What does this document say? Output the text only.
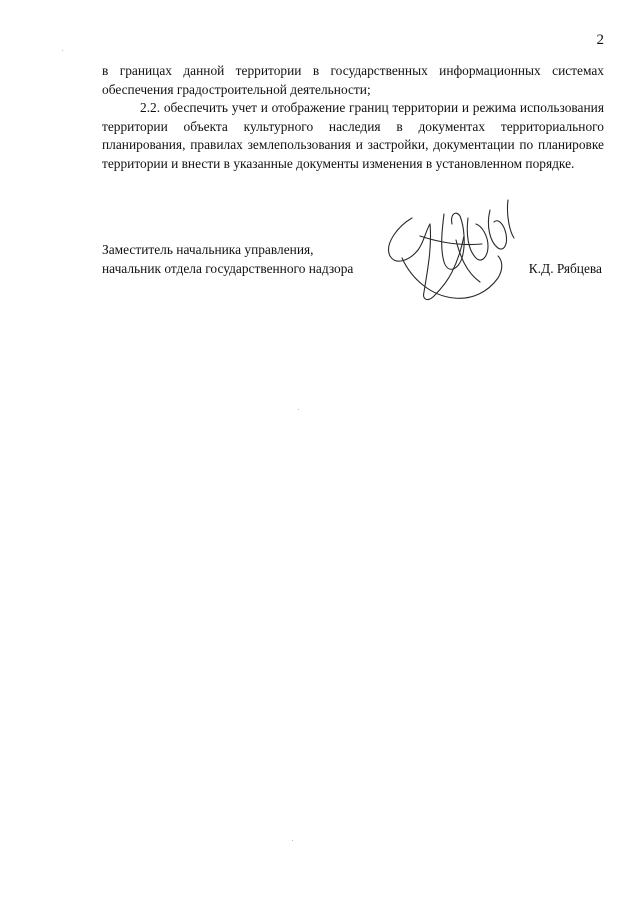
2

в границах данной территории в государственных информационных системах обеспечения градостроительной деятельности;

2.2. обеспечить учет и отображение границ территории и режима использования территории объекта культурного наследия в документах территориального планирования, правилах землепользования и застройки, документации по планировке территории и внести в указанные документы изменения в установленном порядке.

Заместитель начальника управления,
начальник отдела государственного надзора	К.Д. Рябцева
